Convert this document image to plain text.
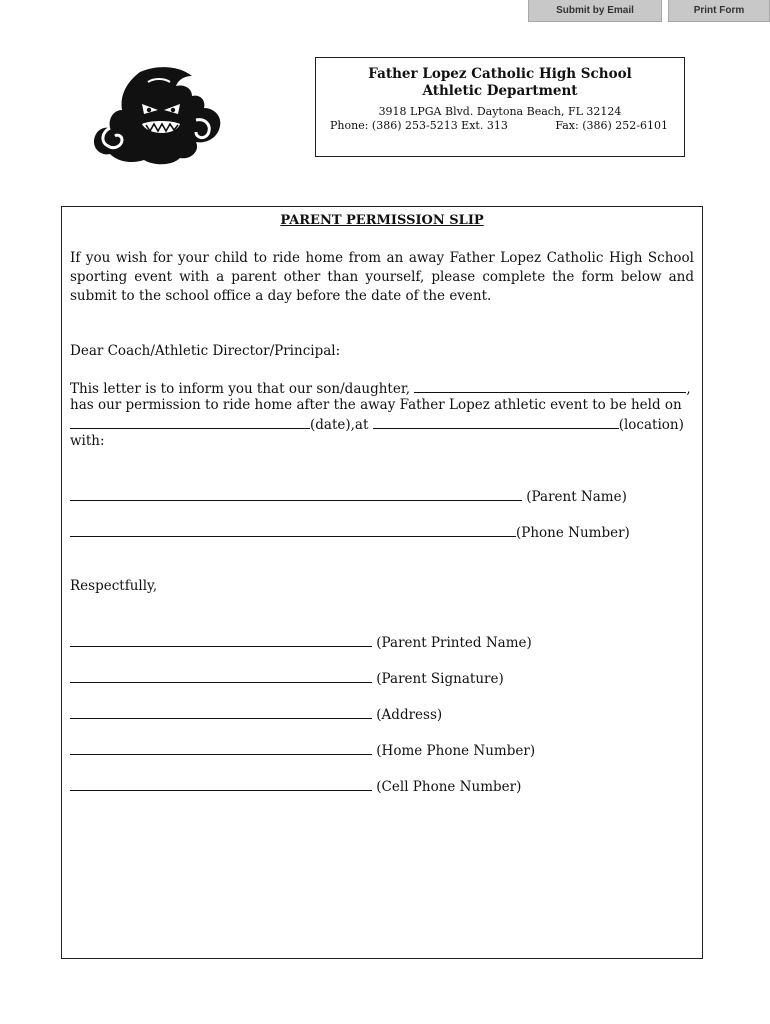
Submit by Email	Print Form
Father Lopez Catholic High School
Athletic Department
3918 LPGA Blvd. Daytona Beach, FL 32124
Phone: (386) 253-5213 Ext. 313	Fax: (386) 252-6101
PARENT PERMISSION SLIP
If you wish for your child to ride home from an away Father Lopez Catholic High School sporting event with a parent other than yourself, please complete the form below and submit to the school office a day before the date of the event.
Dear Coach/Athletic Director/Principal:
This letter is to inform you that our son/daughter,	,
has our permission to ride home after the away Father Lopez athletic event to be held on
(date),at	(location)
with:
(Parent Name)
(Phone Number)
Respectfully,
(Parent Printed Name)
(Parent Signature)
(Address)
(Home Phone Number)
(Cell Phone Number)
